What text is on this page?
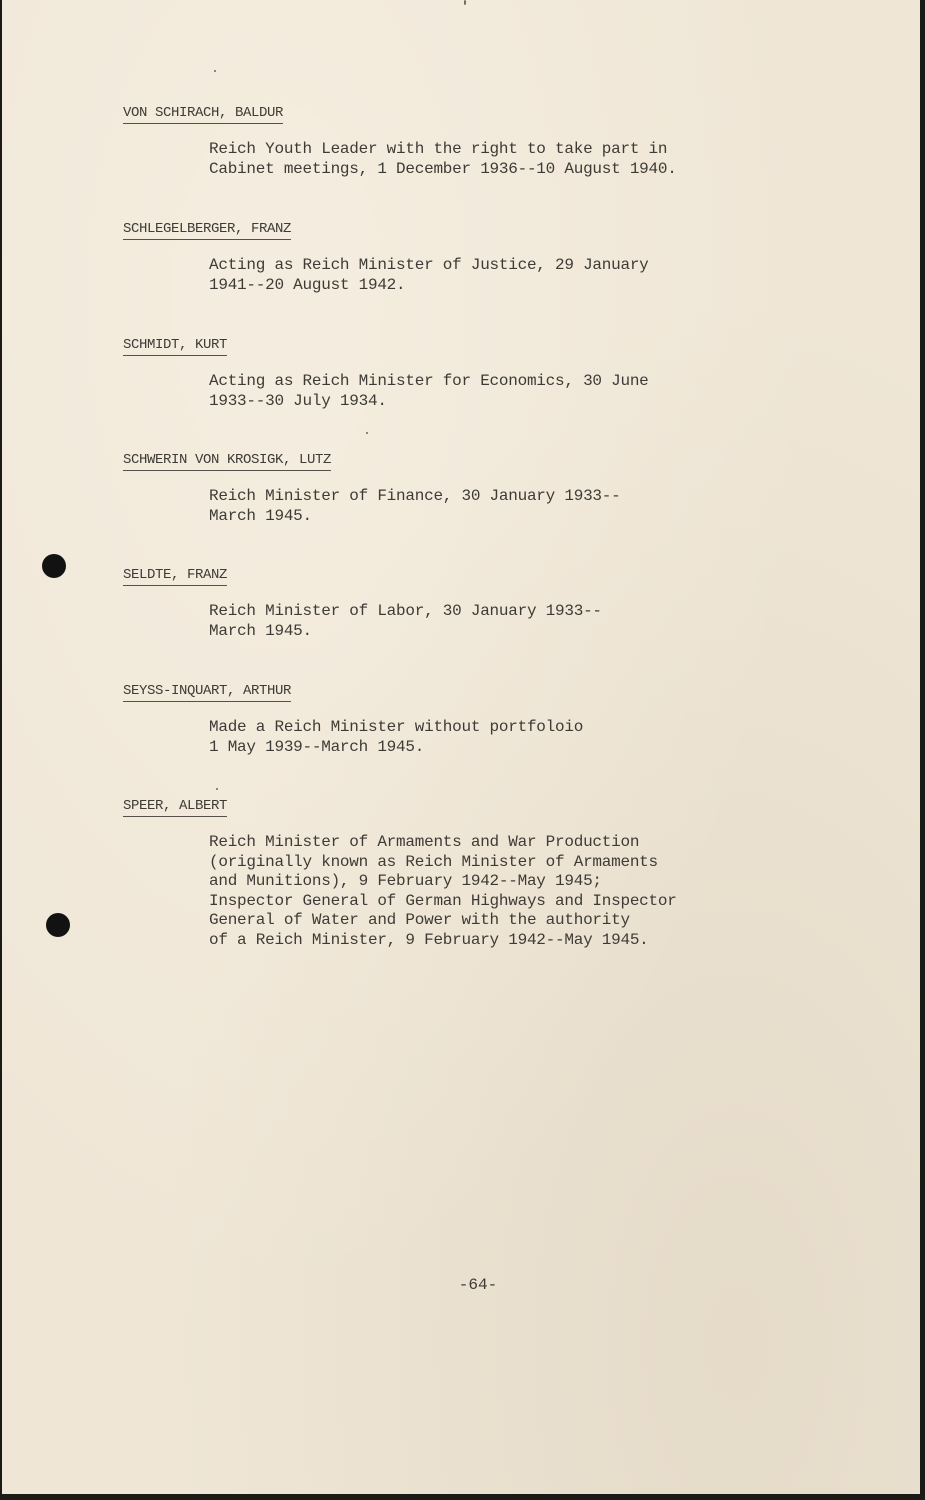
VON SCHIRACH, BALDUR
Reich Youth Leader with the right to take part in
Cabinet meetings, 1 December 1936--10 August 1940.
SCHLEGELBERGER, FRANZ
Acting as Reich Minister of Justice, 29 January
1941--20 August 1942.
SCHMIDT, KURT
Acting as Reich Minister for Economics, 30 June
1933--30 July 1934.
SCHWERIN VON KROSIGK, LUTZ
Reich Minister of Finance, 30 January 1933--
March 1945.
SELDTE, FRANZ
Reich Minister of Labor, 30 January 1933--
March 1945.
SEYSS-INQUART, ARTHUR
Made a Reich Minister without portfoloio
1 May 1939--March 1945.
SPEER, ALBERT
Reich Minister of Armaments and War Production
(originally known as Reich Minister of Armaments
and Munitions), 9 February 1942--May 1945;
Inspector General of German Highways and Inspector
General of Water and Power with the authority
of a Reich Minister, 9 February 1942--May 1945.
-64-
